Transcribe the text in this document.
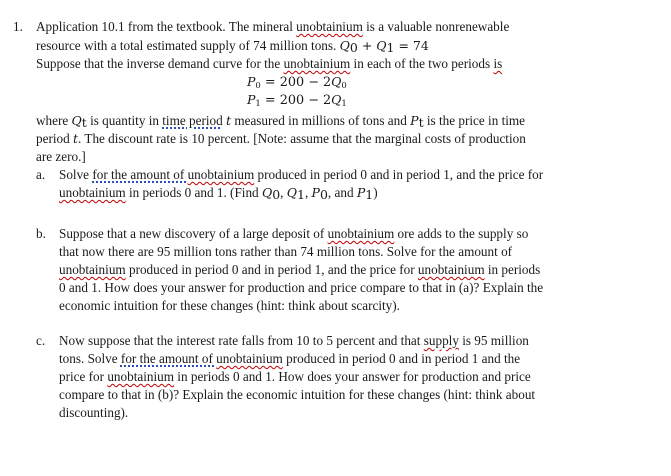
1. Application 10.1 from the textbook. The mineral unobtainium is a valuable nonrenewable
resource with a total estimated supply of 74 million tons. $Q_0 + Q_1 = 74$
Suppose that the inverse demand curve for the unobtainium in each of the two periods is
$P_0 = 200 - 2Q_0$
$P_1 = 200 - 2Q_1$
where $Q_t$ is quantity in time period t measured in millions of tons and $P_t$ is the price in time
period t. The discount rate is 10 percent. [Note: assume that the marginal costs of production
are zero.]
a. Solve for the amount of unobtainium produced in period 0 and in period 1, and the price for
unobtainium in periods 0 and 1. (Find $Q_0$, $Q_1$, $P_0$, and $P_1$)
b. Suppose that a new discovery of a large deposit of unobtainium ore adds to the supply so
that now there are 95 million tons rather than 74 million tons. Solve for the amount of
unobtainium produced in period 0 and in period 1, and the price for unobtainium in periods
0 and 1. How does your answer for production and price compare to that in (a)? Explain the
economic intuition for these changes (hint: think about scarcity).
c. Now suppose that the interest rate falls from 10 to 5 percent and that supply is 95 million
tons. Solve for the amount of unobtainium produced in period 0 and in period 1 and the
price for unobtainium in periods 0 and 1. How does your answer for production and price
compare to that in (b)? Explain the economic intuition for these changes (hint: think about
discounting).
